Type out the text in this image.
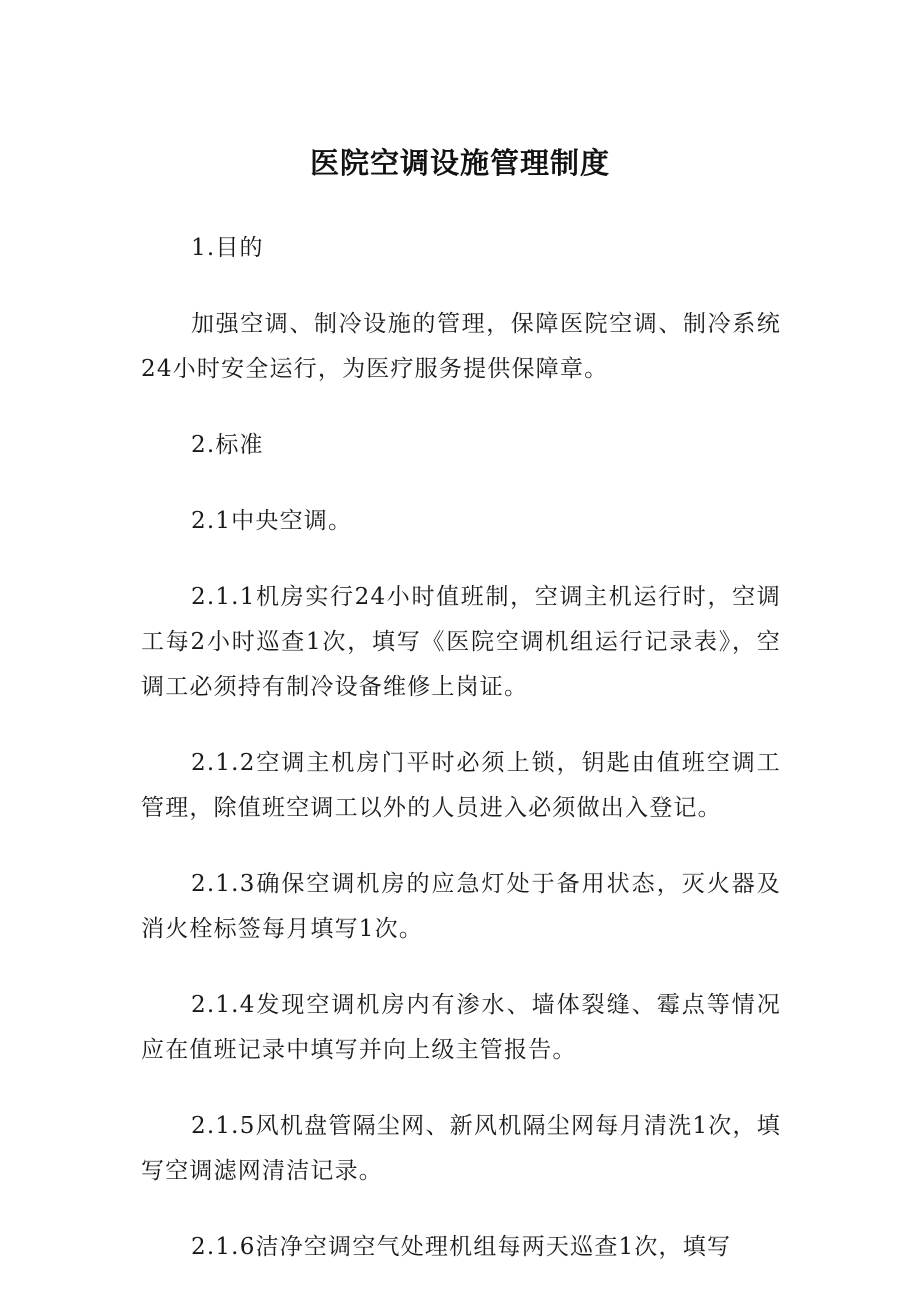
医院空调设施管理制度

1.目的

加强空调、制冷设施的管理，保障医院空调、制冷系统24小时安全运行，为医疗服务提供保障章。

2.标准

2.1中央空调。

2.1.1机房实行24小时值班制，空调主机运行时，空调工每2小时巡查1次，填写《医院空调机组运行记录表》，空调工必须持有制冷设备维修上岗证。

2.1.2空调主机房门平时必须上锁，钥匙由值班空调工管理，除值班空调工以外的人员进入必须做出入登记。

2.1.3确保空调机房的应急灯处于备用状态，灭火器及消火栓标签每月填写1次。

2.1.4发现空调机房内有渗水、墙体裂缝、霉点等情况应在值班记录中填写并向上级主管报告。

2.1.5风机盘管隔尘网、新风机隔尘网每月清洗1次，填写空调滤网清洁记录。

2.1.6洁净空调空气处理机组每两天巡查1次，填写
